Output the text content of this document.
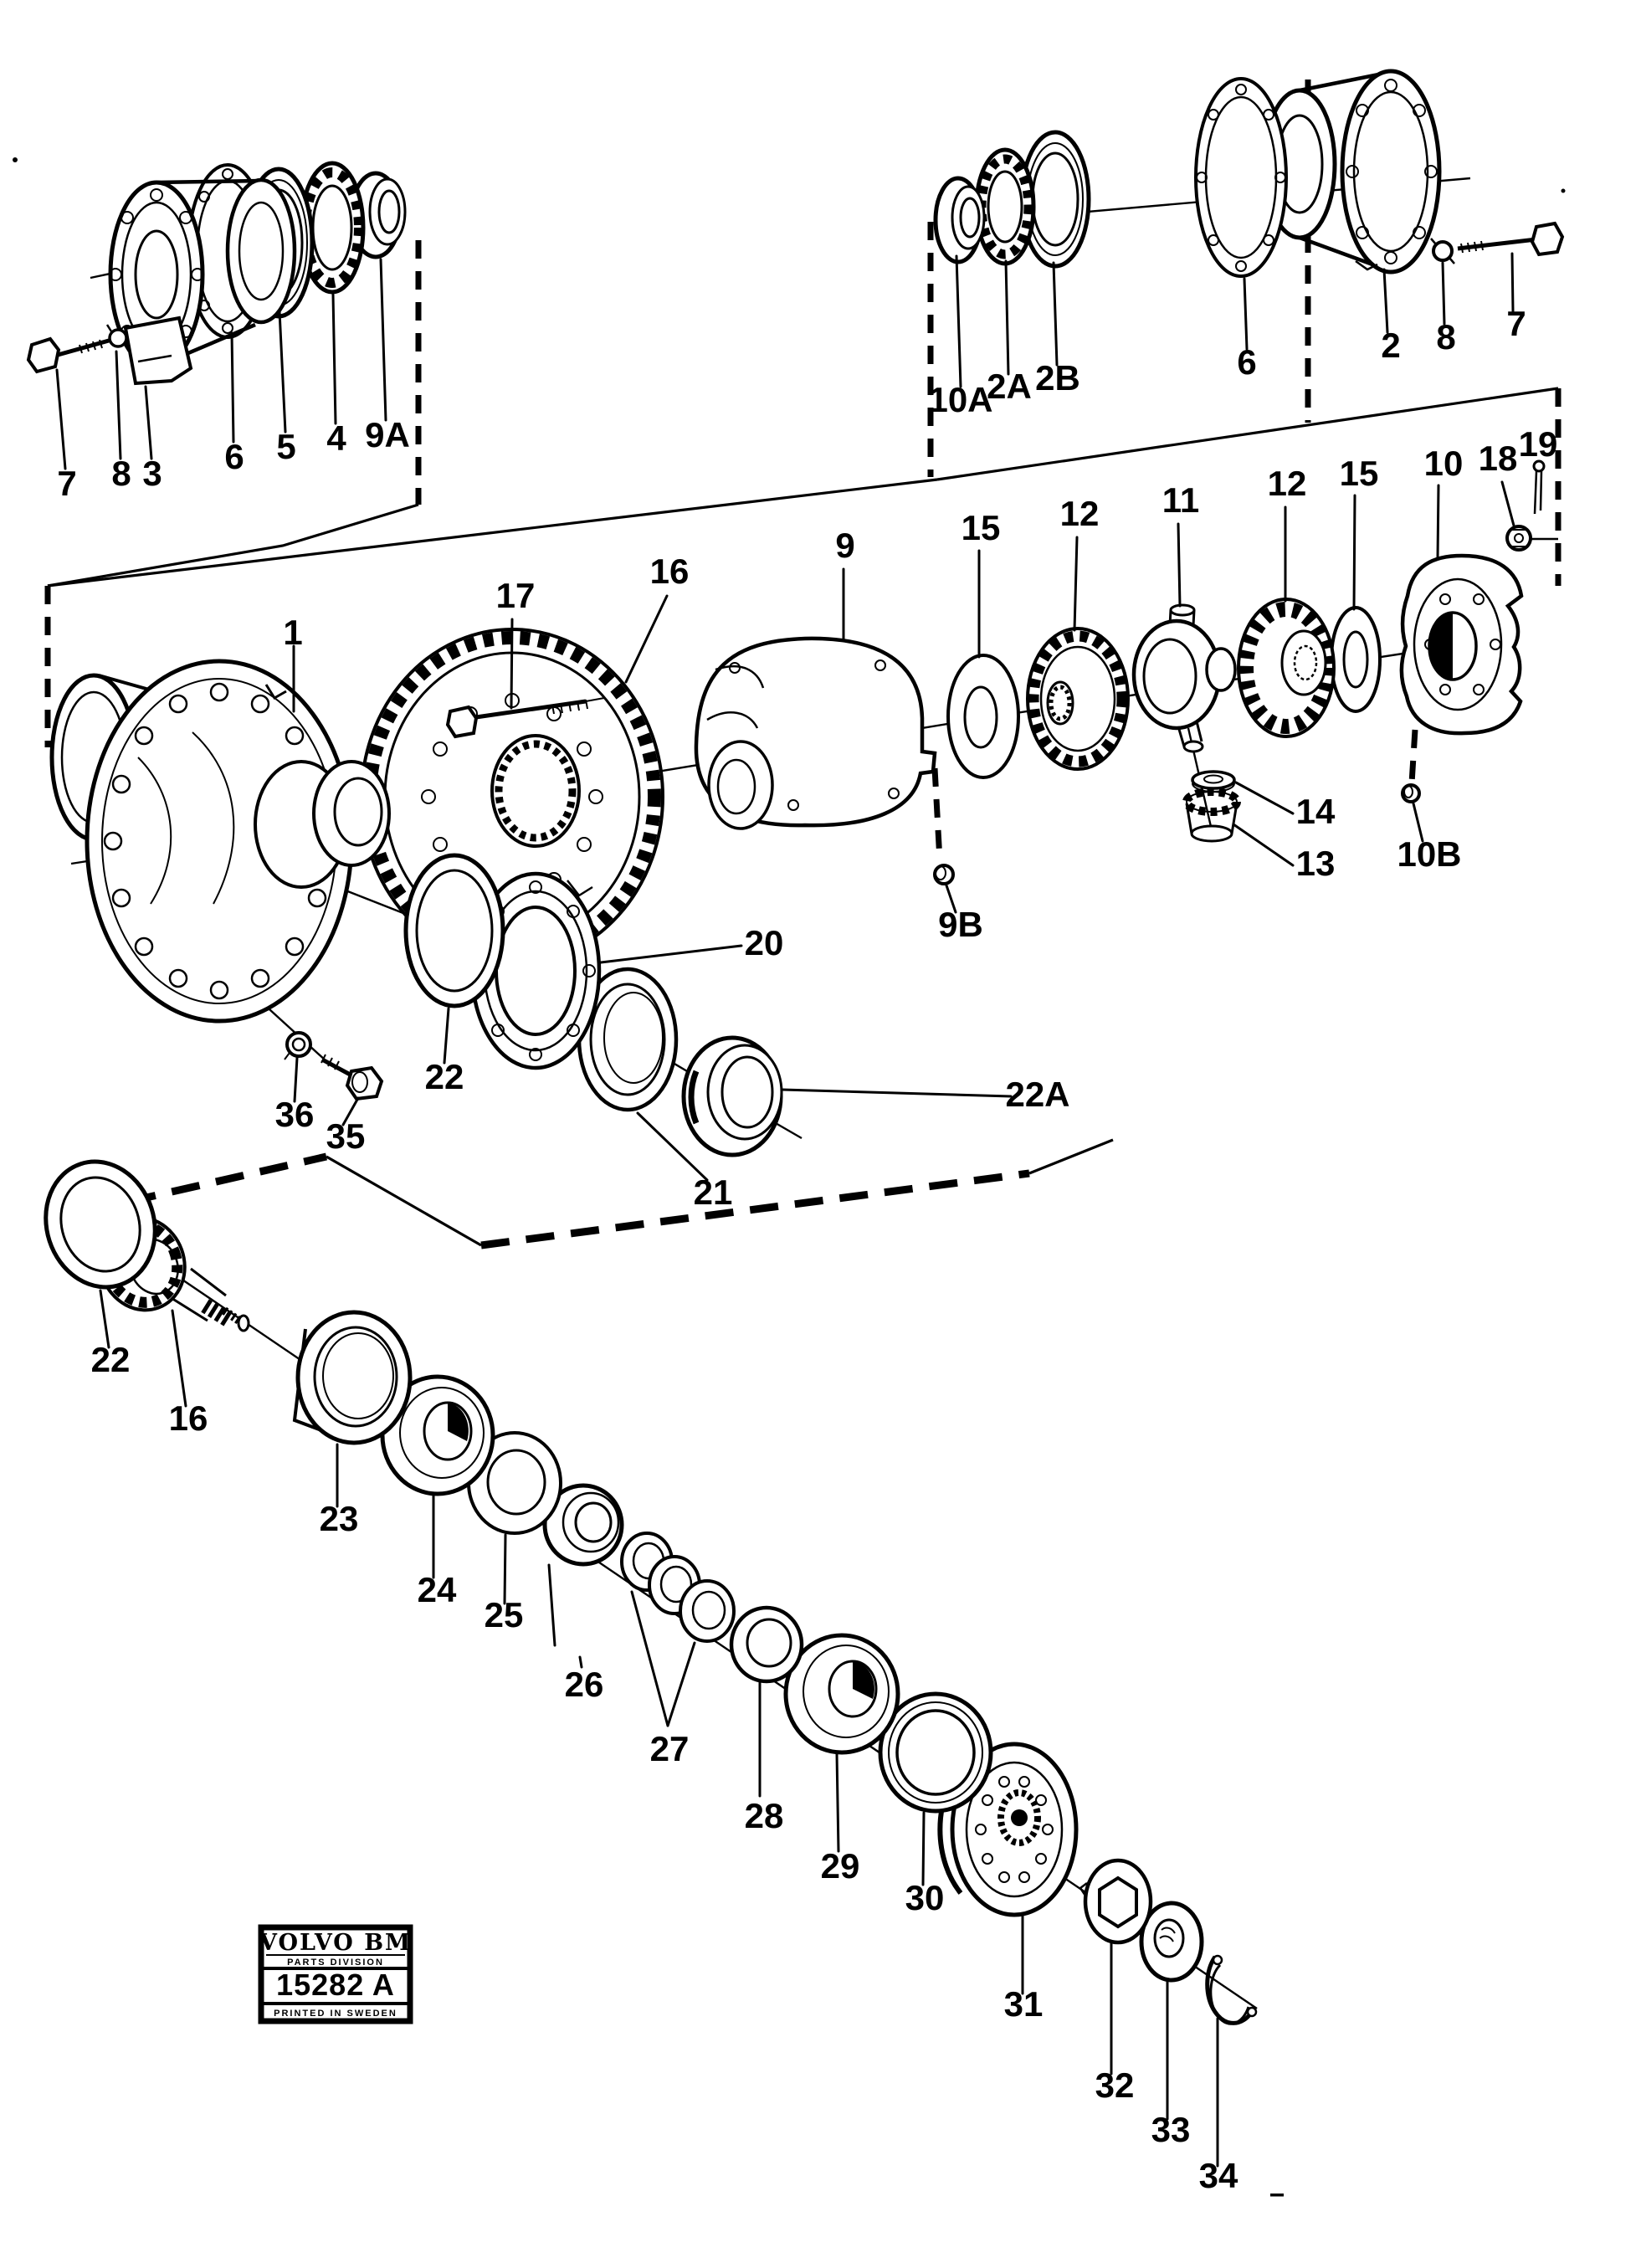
7 8 3 6 5 4 9A
10A
2A 2B	6	2 8 7
1
17
16
9	15 12 11 12 15 10 18 19
14
13 10B
9B
20
22
36
35
21
22A
22
16
23
24
25
26
27
28
29
30
31
32
33
34
VOLVO BM
PARTS DIVISION
15282 A
PRINTED IN SWEDEN
